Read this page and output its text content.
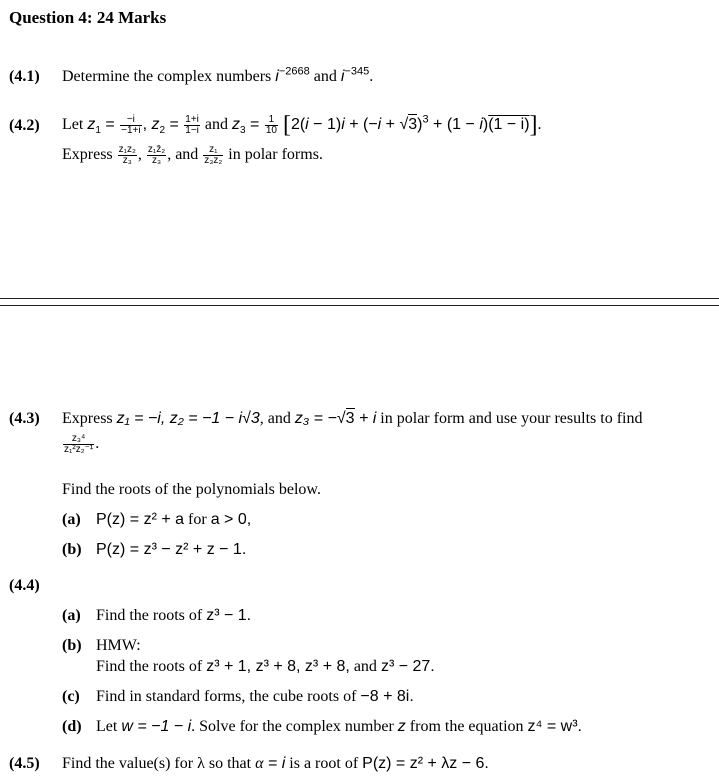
Question 4: 24 Marks
(4.1) Determine the complex numbers $i^{-2668}$ and $i^{-345}$.
(4.2) Let $z_1 = \frac{-i}{-1+i}$ , $z_2 = \frac{1+i}{1-i}$ and $z_3 = \frac{1}{10} [2(i - 1)i + (-i + √3)^3 + (1 - i)(1 - i)]$.
Express $\frac{\text{z₁z₂}}{\text{z₃}}$ , $\frac{\text{z₁z̄₂}}{\text{z₃}}$ , and $\frac{\text{z₁}}{\text{z₃z₂}}$ in polar forms.
(4.3) Express z₁ = −i, z₂ = −1 − i√3, and z₃ = −√3 + i in polar form and use your results to find
$\frac{\text{z₃⁴}}{\text{z₁²z₂⁻¹}}$ .
Find the roots of the polynomials below.
(a) P(z) = z² + a for a > 0,
(b) P(z) = z³ − z² + z − 1.
(4.4)
(a) Find the roots of z³ − 1.
(b) HMW:
Find the roots of z³ + 1, z³ + 8, z³ + 8, and z³ − 27.
(c) Find in standard forms, the cube roots of −8 + 8i.
(d) Let w = −1 − i. Solve for the complex number z from the equation z⁴ = w³.
(4.5) Find the value(s) for λ so that α = i is a root of P(z) = z² + λz − 6.
